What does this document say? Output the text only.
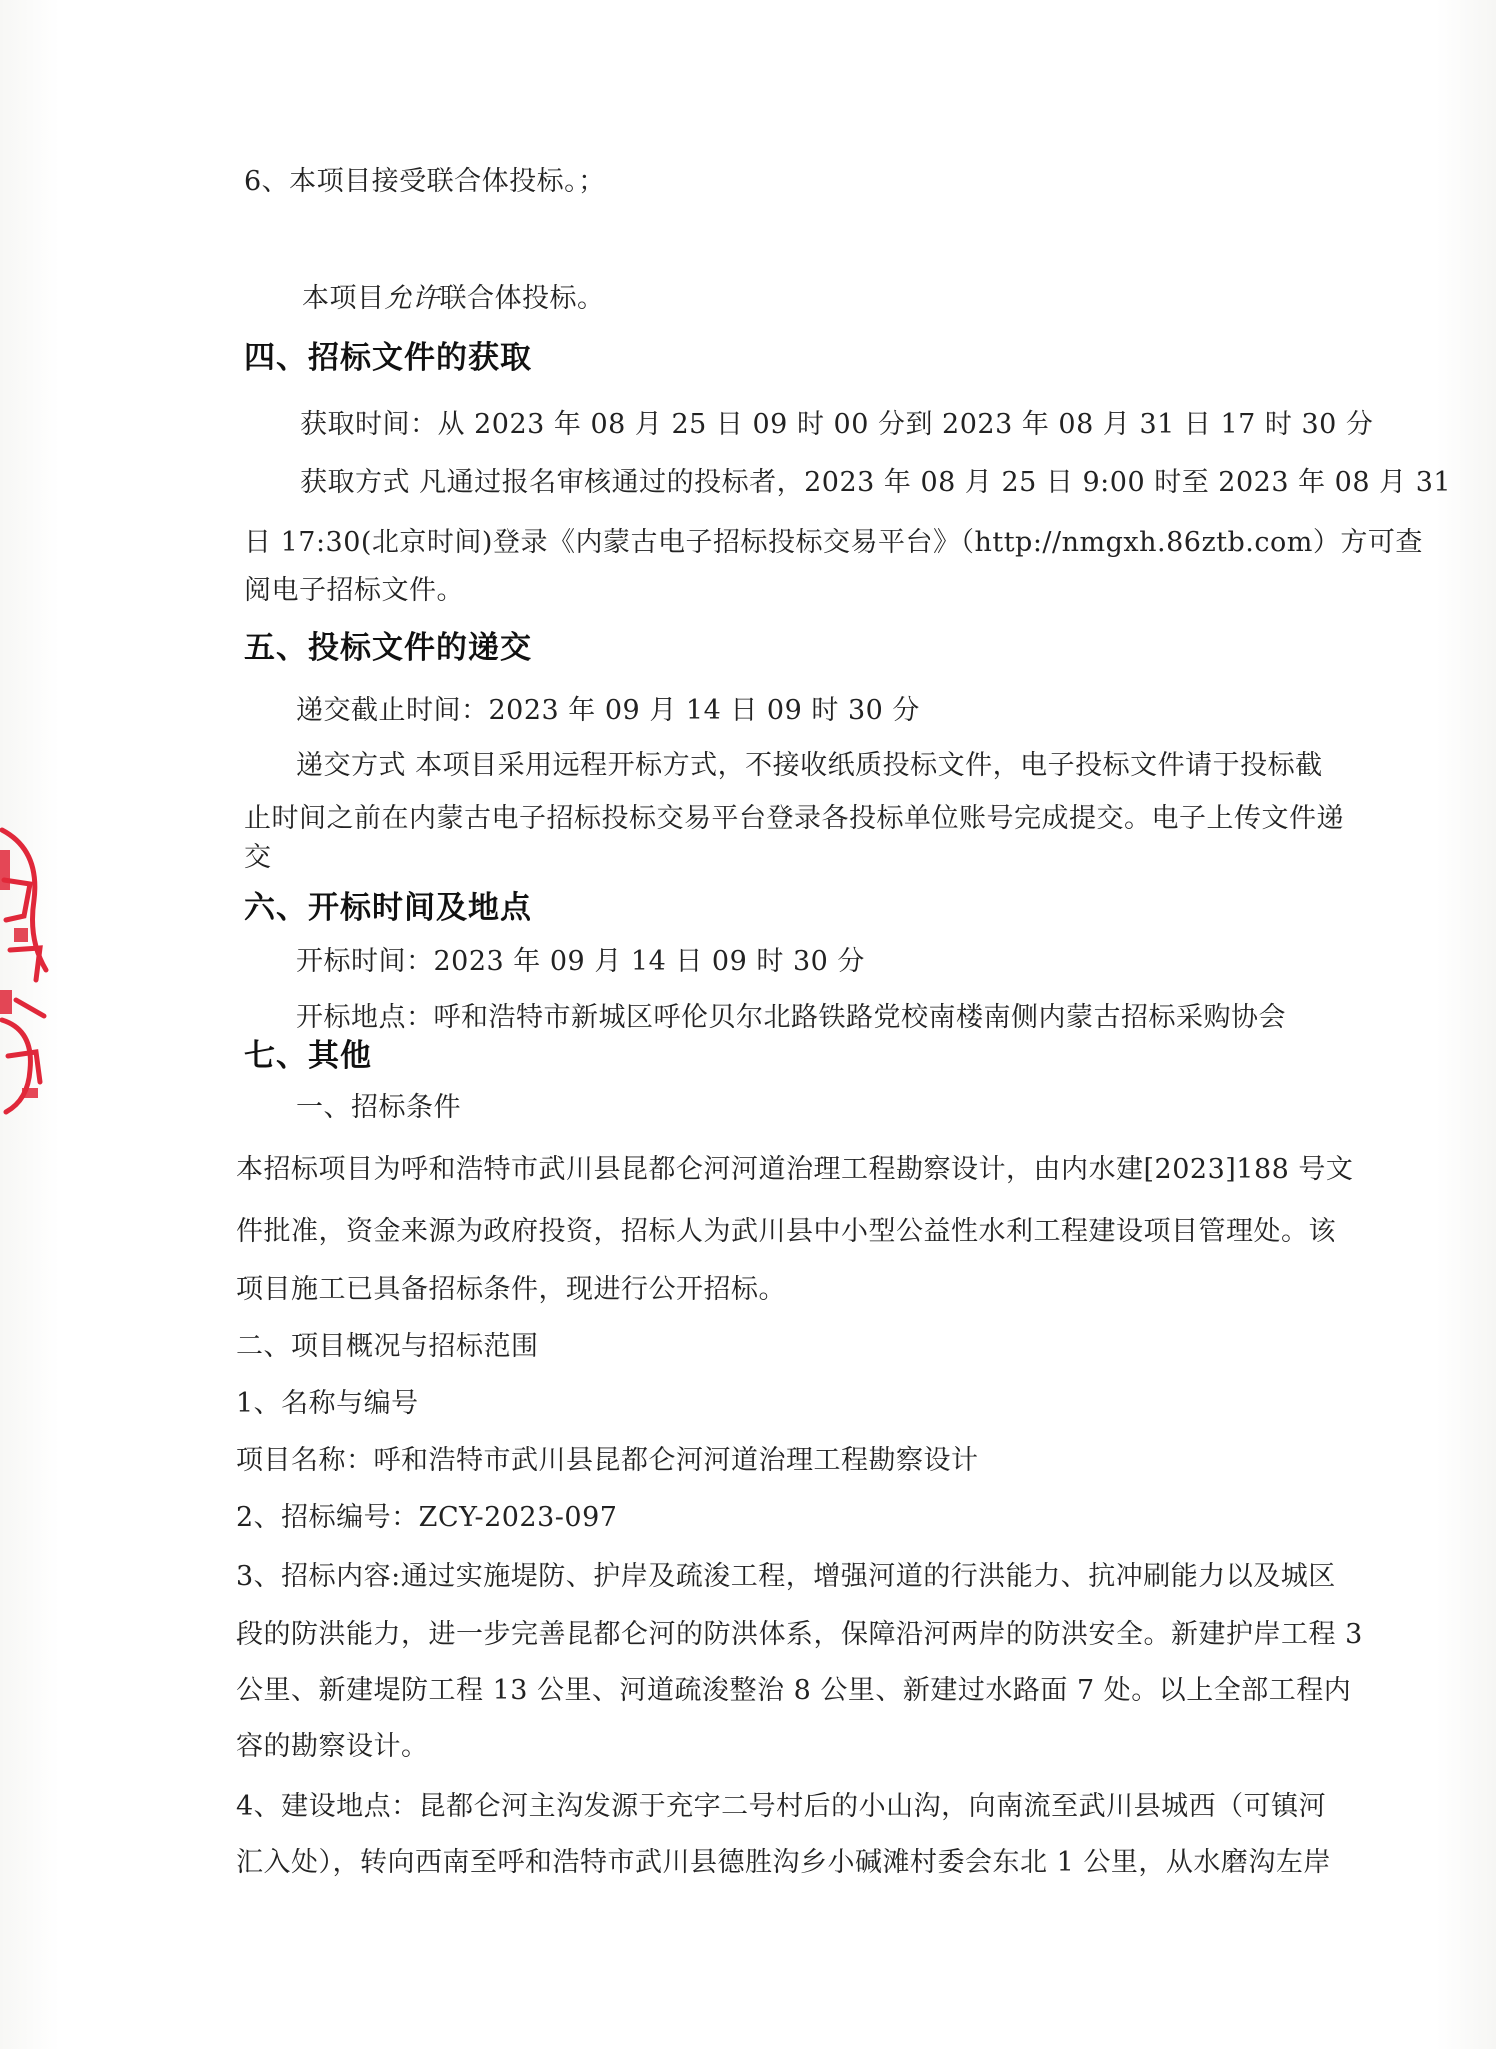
6、本项目接受联合体投标。；
本项目允许联合体投标。
四、招标文件的获取
获取时间：从 2023 年 08 月 25 日 09 时 00 分到 2023 年 08 月 31 日 17 时 30 分
获取方式 凡通过报名审核通过的投标者，2023 年 08 月 25 日 9:00 时至 2023 年 08 月 31
日 17:30(北京时间)登录《内蒙古电子招标投标交易平台》（http://nmgxh.86ztb.com）方可查
阅电子招标文件。
五、投标文件的递交
递交截止时间：2023 年 09 月 14 日 09 时 30 分
递交方式 本项目采用远程开标方式，不接收纸质投标文件，电子投标文件请于投标截
止时间之前在内蒙古电子招标投标交易平台登录各投标单位账号完成提交。电子上传文件递
交
六、开标时间及地点
开标时间：2023 年 09 月 14 日 09 时 30 分
开标地点：呼和浩特市新城区呼伦贝尔北路铁路党校南楼南侧内蒙古招标采购协会
七、其他
一、招标条件
本招标项目为呼和浩特市武川县昆都仑河河道治理工程勘察设计，由内水建[2023]188 号文
件批准，资金来源为政府投资，招标人为武川县中小型公益性水利工程建设项目管理处。该
项目施工已具备招标条件，现进行公开招标。
二、项目概况与招标范围
1、名称与编号
项目名称：呼和浩特市武川县昆都仑河河道治理工程勘察设计
2、招标编号：ZCY-2023-097
3、招标内容:通过实施堤防、护岸及疏浚工程，增强河道的行洪能力、抗冲刷能力以及城区
段的防洪能力，进一步完善昆都仑河的防洪体系，保障沿河两岸的防洪安全。新建护岸工程 3
公里、新建堤防工程 13 公里、河道疏浚整治 8 公里、新建过水路面 7 处。以上全部工程内
容的勘察设计。
4、建设地点：昆都仑河主沟发源于充字二号村后的小山沟，向南流至武川县城西（可镇河
汇入处），转向西南至呼和浩特市武川县德胜沟乡小碱滩村委会东北 1 公里，从水磨沟左岸
